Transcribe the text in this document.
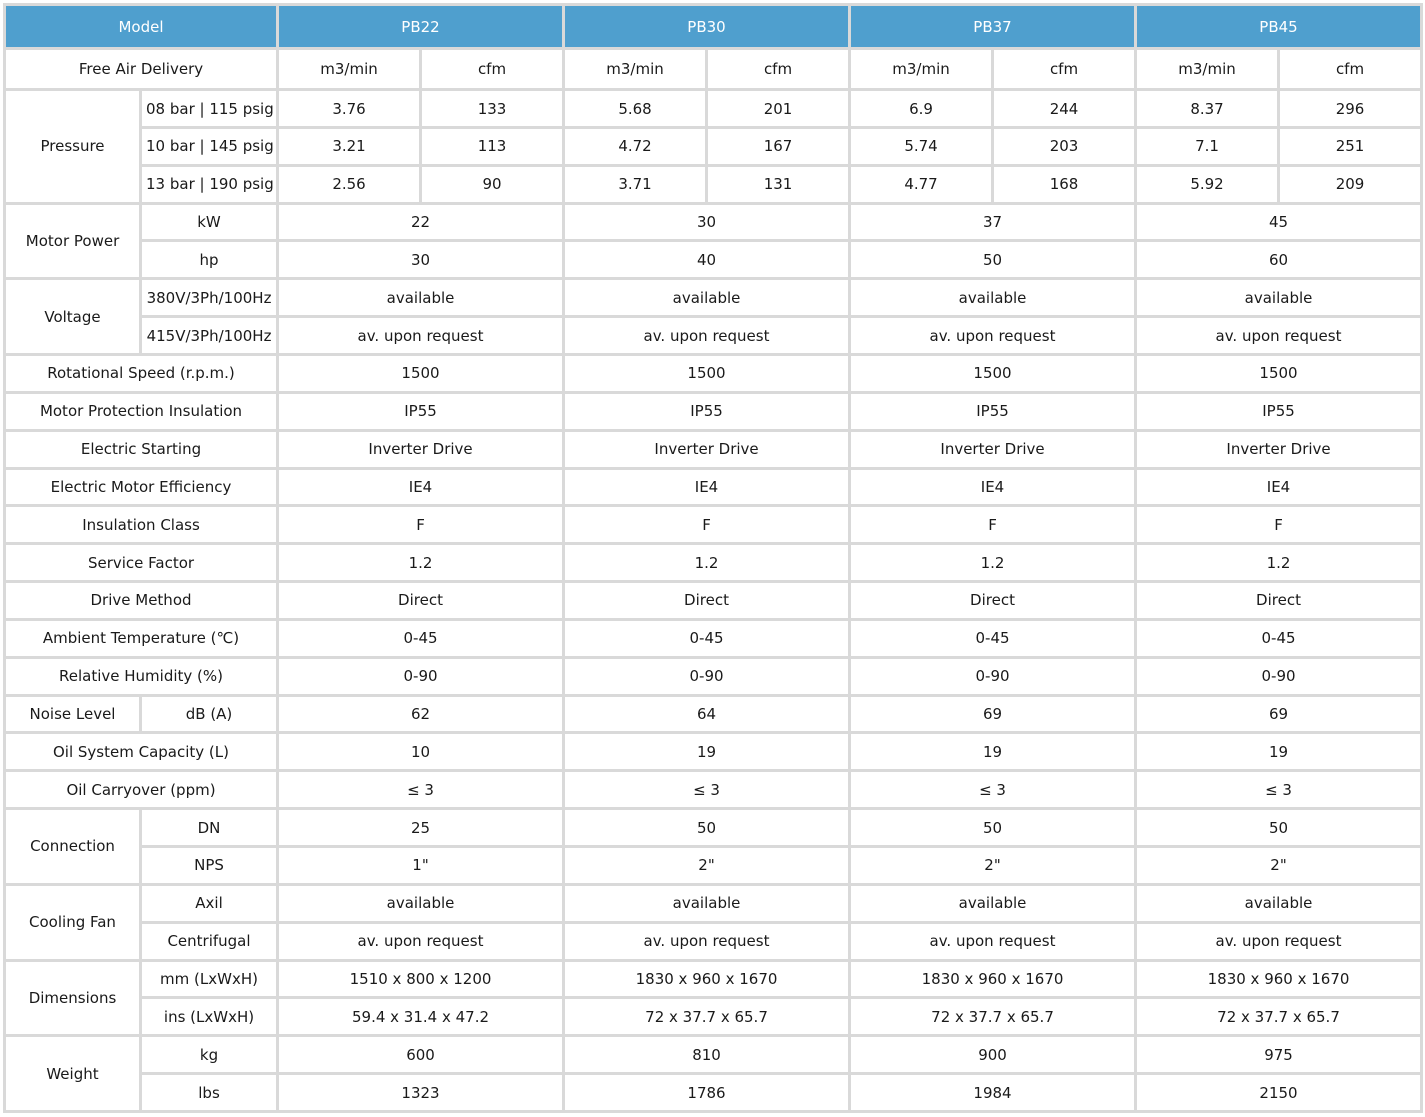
Model		PB22		PB30		PB37		PB45	
Free Air Delivery		m3/min	cfm	m3/min	cfm	m3/min	cfm	m3/min	cfm
Pressure	08 bar | 115 psig	3.76	133	5.68	201	6.9	244	8.37	296
	10 bar | 145 psig	3.21	113	4.72	167	5.74	203	7.1	251
	13 bar | 190 psig	2.56	90	3.71	131	4.77	168	5.92	209
Motor Power	kW	22		30		37		45	
	hp	30		40		50		60	
Voltage	380V/3Ph/100Hz	available		available		available		available	
	415V/3Ph/100Hz	av. upon request		av. upon request		av. upon request		av. upon request	
Rotational Speed (r.p.m.)		1500		1500		1500		1500	
Motor Protection Insulation		IP55		IP55		IP55		IP55	
Electric Starting		Inverter Drive		Inverter Drive		Inverter Drive		Inverter Drive	
Electric Motor Efficiency		IE4		IE4		IE4		IE4	
Insulation Class		F		F		F		F	
Service Factor		1.2		1.2		1.2		1.2	
Drive Method		Direct		Direct		Direct		Direct	
Ambient Temperature (℃)		0-45		0-45		0-45		0-45	
Relative Humidity (%)		0-90		0-90		0-90		0-90	
Noise Level	dB (A)	62		64		69		69	
Oil System Capacity (L)		10		19		19		19	
Oil Carryover (ppm)		≤ 3		≤ 3		≤ 3		≤ 3	
Connection	DN	25		50		50		50	
	NPS	1"		2"		2"		2"	
Cooling Fan	Axil	available		available		available		available	
	Centrifugal	av. upon request		av. upon request		av. upon request		av. upon request	
Dimensions	mm (LxWxH)	1510 x 800 x 1200		1830 x 960 x 1670		1830 x 960 x 1670		1830 x 960 x 1670	
	ins (LxWxH)	59.4 x 31.4 x 47.2		72 x 37.7 x 65.7		72 x 37.7 x 65.7		72 x 37.7 x 65.7	
Weight	kg	600		810		900		975	
	lbs	1323		1786		1984		2150	
